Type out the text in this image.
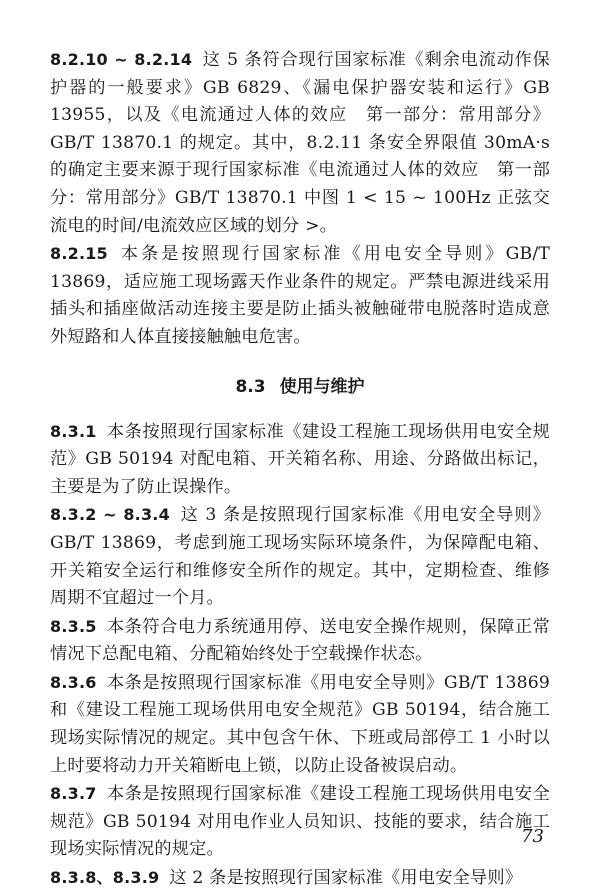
8.2.10 ~ 8.2.14 这 5 条符合现行国家标准《剩余电流动作保护器的一般要求》GB 6829、《漏电保护器安装和运行》GB 13955，以及《电流通过人体的效应　第一部分：常用部分》GB/T 13870.1 的规定。其中，8.2.11 条安全界限值 30mA·s 的确定主要来源于现行国家标准《电流通过人体的效应　第一部分：常用部分》GB/T 13870.1 中图 1 < 15 ~ 100Hz 正弦交流电的时间/电流效应区域的划分 >。

8.2.15 本条是按照现行国家标准《用电安全导则》GB/T 13869，适应施工现场露天作业条件的规定。严禁电源进线采用插头和插座做活动连接主要是防止插头被触碰带电脱落时造成意外短路和人体直接接触触电危害。

8.3 使用与维护

8.3.1 本条按照现行国家标准《建设工程施工现场供用电安全规范》GB 50194 对配电箱、开关箱名称、用途、分路做出标记，主要是为了防止误操作。

8.3.2 ~ 8.3.4 这 3 条是按照现行国家标准《用电安全导则》GB/T 13869，考虑到施工现场实际环境条件，为保障配电箱、开关箱安全运行和维修安全所作的规定。其中，定期检查、维修周期不宜超过一个月。

8.3.5 本条符合电力系统通用停、送电安全操作规则，保障正常情况下总配电箱、分配箱始终处于空载操作状态。

8.3.6 本条是按照现行国家标准《用电安全导则》GB/T 13869 和《建设工程施工现场供用电安全规范》GB 50194，结合施工现场实际情况的规定。其中包含午休、下班或局部停工 1 小时以上时要将动力开关箱断电上锁，以防止设备被误启动。

8.3.7 本条是按照现行国家标准《建设工程施工现场供用电安全规范》GB 50194 对用电作业人员知识、技能的要求，结合施工现场实际情况的规定。

8.3.8、8.3.9 这 2 条是按照现行国家标准《用电安全导则》

73
